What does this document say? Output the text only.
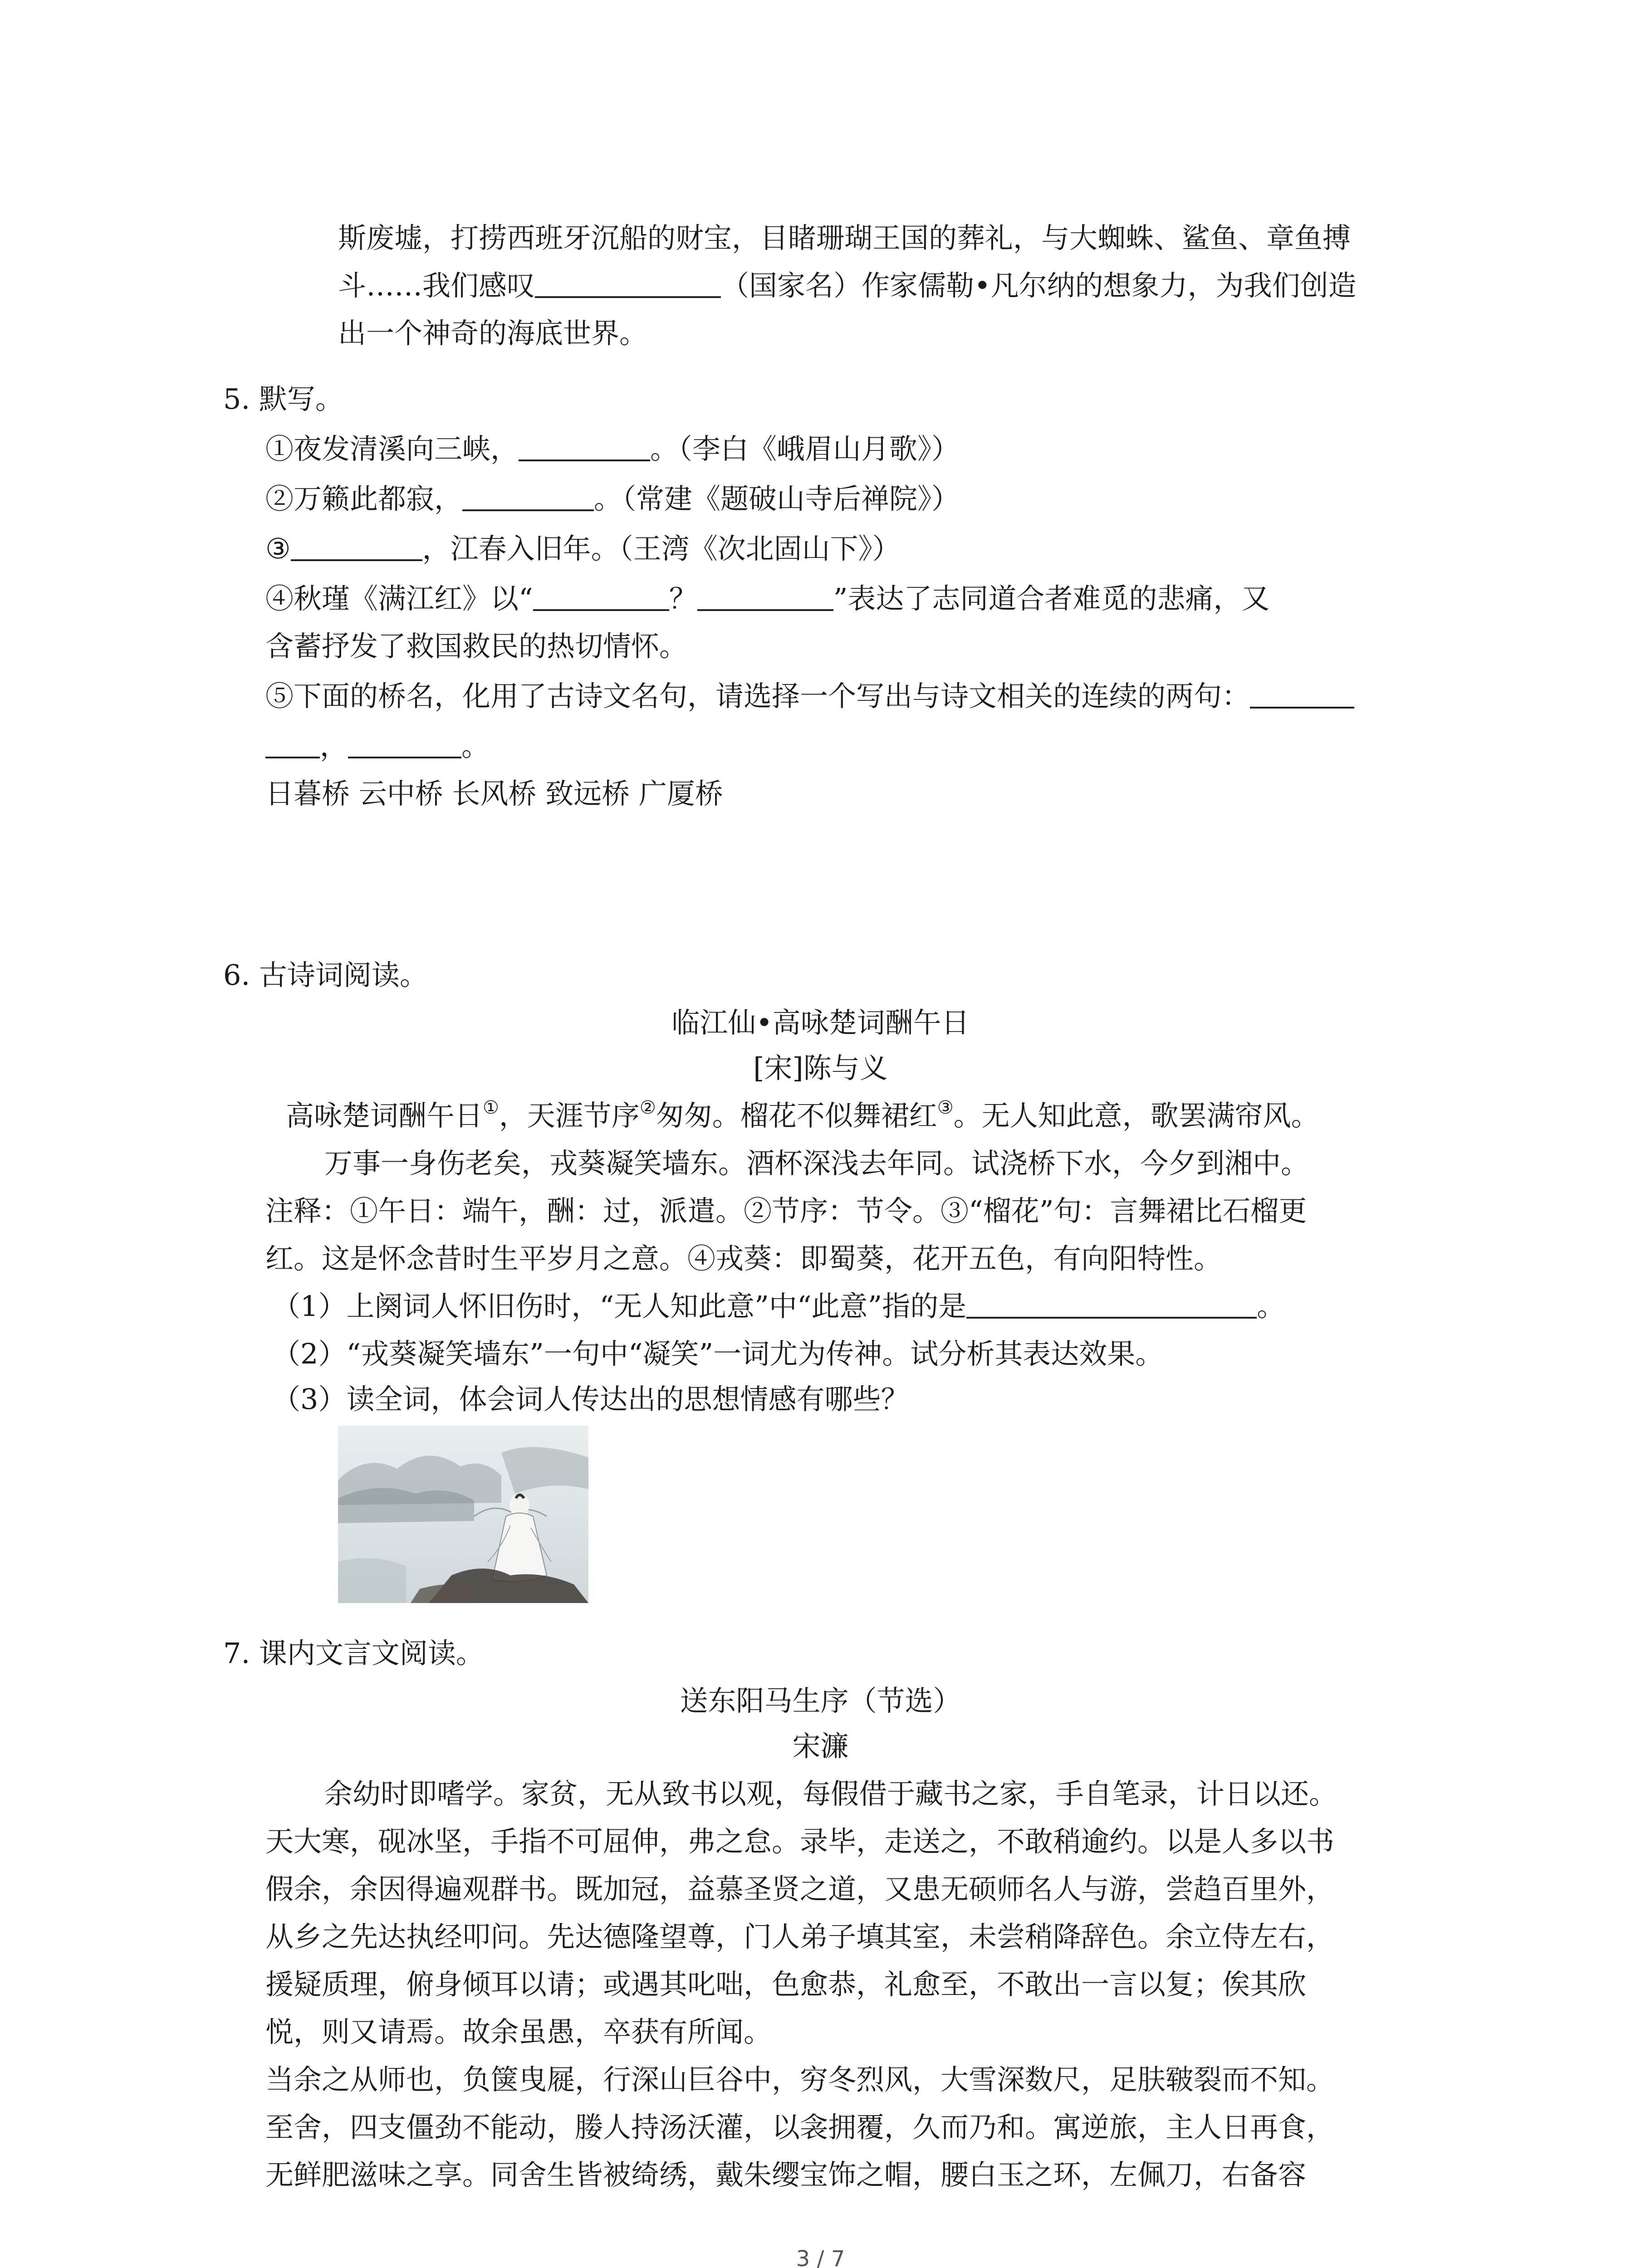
斯废墟，打捞西班牙沉船的财宝，目睹珊瑚王国的葬礼，与大蜘蛛、鲨鱼、章鱼搏
斗……我们感叹	（国家名）作家儒勒•凡尔纳的想象力，为我们创造
出一个神奇的海底世界。
5. 默写。
①夜发清溪向三峡，	。（李白《峨眉山月歌》）
②万籁此都寂，	。（常建《题破山寺后禅院》）
③	，江春入旧年。（王湾《次北固山下》）
④秋瑾《满江红》以“	？	”表达了志同道合者难觅的悲痛，又
含蓄抒发了救国救民的热切情怀。
⑤下面的桥名，化用了古诗文名句，请选择一个写出与诗文相关的连续的两句：
，	。
日暮桥 云中桥 长风桥 致远桥 广厦桥
6. 古诗词阅读。
临江仙•高咏楚词酬午日
[宋]陈与义
高咏楚词酬午日①，天涯节序②匆匆。榴花不似舞裙红③。无人知此意，歌罢满帘风。
万事一身伤老矣，戎葵凝笑墙东。酒杯深浅去年同。试浇桥下水，今夕到湘中。
注释：①午日：端午，酬：过，派遣。②节序：节令。③“榴花”句：言舞裙比石榴更
红。这是怀念昔时生平岁月之意。④戎葵：即蜀葵，花开五色，有向阳特性。
（1）上阕词人怀旧伤时，“无人知此意”中“此意”指的是	。
（2）“戎葵凝笑墙东”一句中“凝笑”一词尤为传神。试分析其表达效果。
（3）读全词，体会词人传达出的思想情感有哪些？
7. 课内文言文阅读。
送东阳马生序（节选）
宋濂
余幼时即嗜学。家贫，无从致书以观，每假借于藏书之家，手自笔录，计日以还。
天大寒，砚冰坚，手指不可屈伸，弗之怠。录毕，走送之，不敢稍逾约。以是人多以书
假余，余因得遍观群书。既加冠，益慕圣贤之道，又患无硕师名人与游，尝趋百里外，
从乡之先达执经叩问。先达德隆望尊，门人弟子填其室，未尝稍降辞色。余立侍左右，
援疑质理，俯身倾耳以请；或遇其叱咄，色愈恭，礼愈至，不敢出一言以复；俟其欣
悦，则又请焉。故余虽愚，卒获有所闻。
当余之从师也，负箧曳屣，行深山巨谷中，穷冬烈风，大雪深数尺，足肤皲裂而不知。
至舍，四支僵劲不能动，媵人持汤沃灌，以衾拥覆，久而乃和。寓逆旅，主人日再食，
无鲜肥滋味之享。同舍生皆被绮绣，戴朱缨宝饰之帽，腰白玉之环，左佩刀，右备容
3 / 7
